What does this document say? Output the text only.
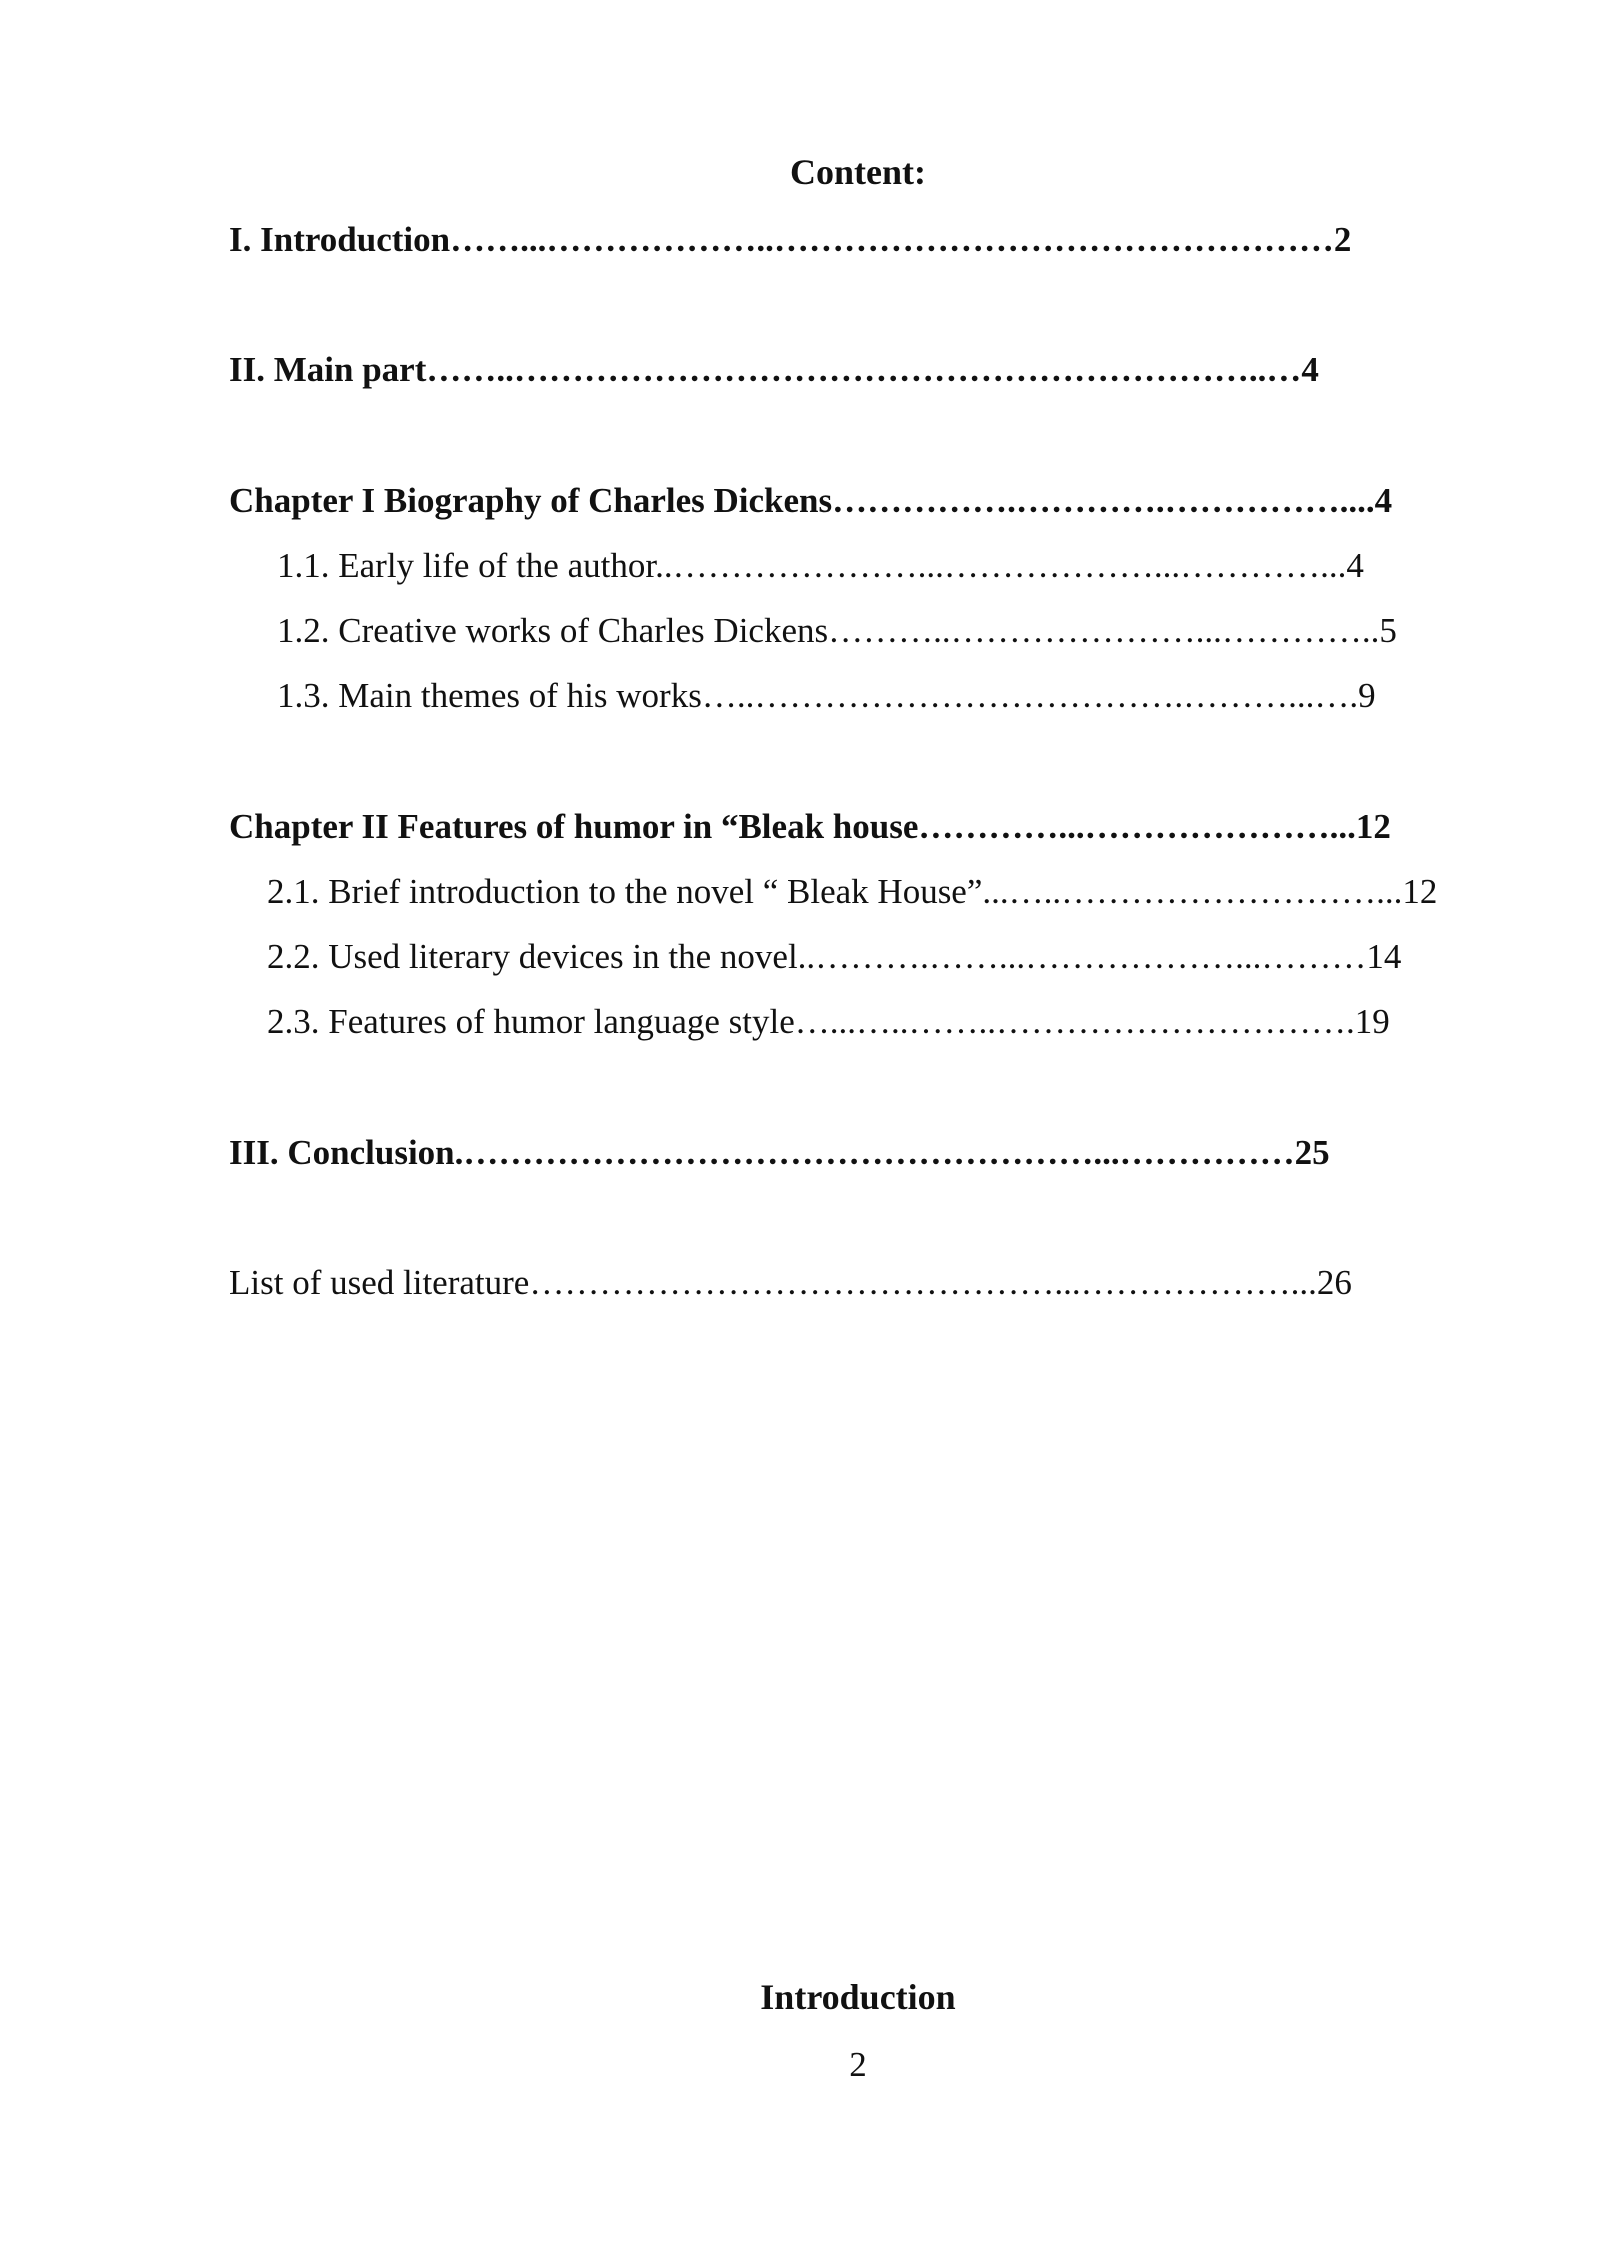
Content:

I. Introduction……...………………..…………………………………………2

II. Main part……..………………………………………………………..…4

Chapter I Biography of Charles Dickens…………….………….……………....4

1.1. Early life of the author..…………………...………………...…………...4

1.2. Creative works of Charles Dickens………..…………………...…………..5

1.3. Main themes of his works…..……………………………….………...….9

Chapter II Features of humor in “Bleak house…………...…………………...12

2.1. Brief introduction to the novel “ Bleak House”...…..………………………...12

2.2. Used literary devices in the novel..……….……...………………...………14

2.3. Features of humor language style…...…..……..………………………….19

III. Conclusion.………………………………………………...……………25

List of used literature………………………………………...………………...26

Introduction

2
